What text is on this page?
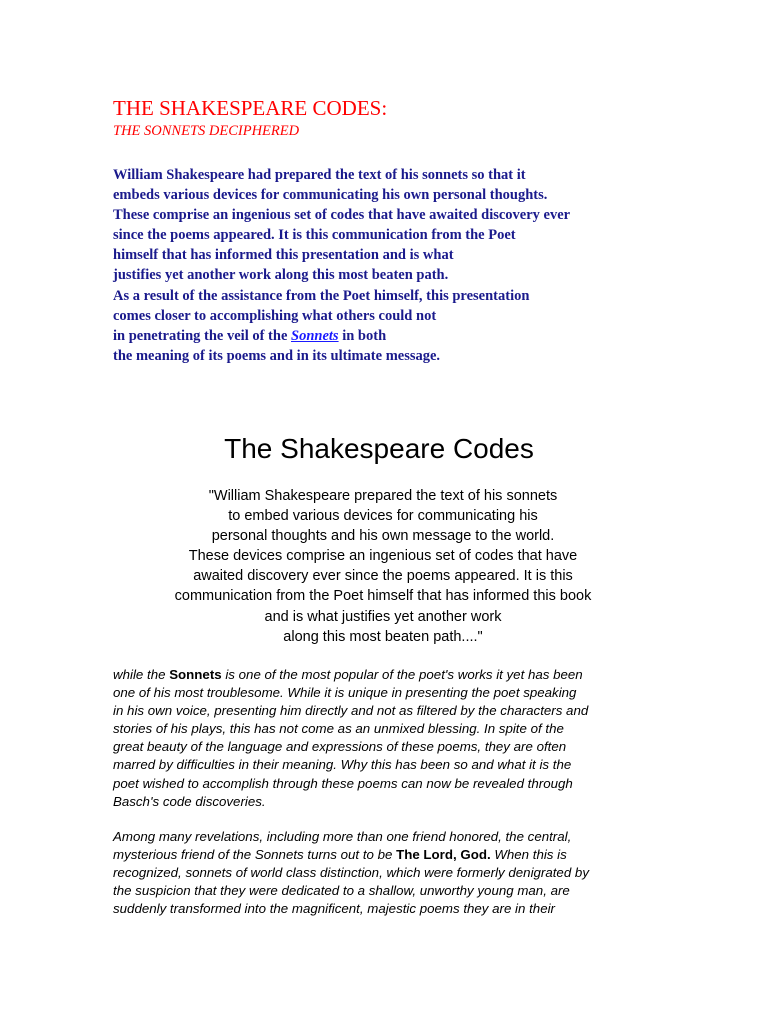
THE SHAKESPEARE CODES:
THE SONNETS DECIPHERED
William Shakespeare had prepared the text of his sonnets so that it
embeds various devices for communicating his own personal thoughts.
These comprise an ingenious set of codes that have awaited discovery ever
since the poems appeared. It is this communication from the Poet
himself that has informed this presentation and is what
justifies yet another work along this most beaten path.
As a result of the assistance from the Poet himself, this presentation
comes closer to accomplishing what others could not
in penetrating the veil of the Sonnets in both
the meaning of its poems and in its ultimate message.
The Shakespeare Codes
"William Shakespeare prepared the text of his sonnets
to embed various devices for communicating his
personal thoughts and his own message to the world.
These devices comprise an ingenious set of codes that have
awaited discovery ever since the poems appeared. It is this
communication from the Poet himself that has informed this book
and is what justifies yet another work
along this most beaten path...."
while the Sonnets is one of the most popular of the poet's works it yet has been
one of his most troublesome. While it is unique in presenting the poet speaking
in his own voice, presenting him directly and not as filtered by the characters and
stories of his plays, this has not come as an unmixed blessing. In spite of the
great beauty of the language and expressions of these poems, they are often
marred by difficulties in their meaning. Why this has been so and what it is the
poet wished to accomplish through these poems can now be revealed through
Basch's code discoveries.
Among many revelations, including more than one friend honored, the central,
mysterious friend of the Sonnets turns out to be The Lord, God. When this is
recognized, sonnets of world class distinction, which were formerly denigrated by
the suspicion that they were dedicated to a shallow, unworthy young man, are
suddenly transformed into the magnificent, majestic poems they are in their
